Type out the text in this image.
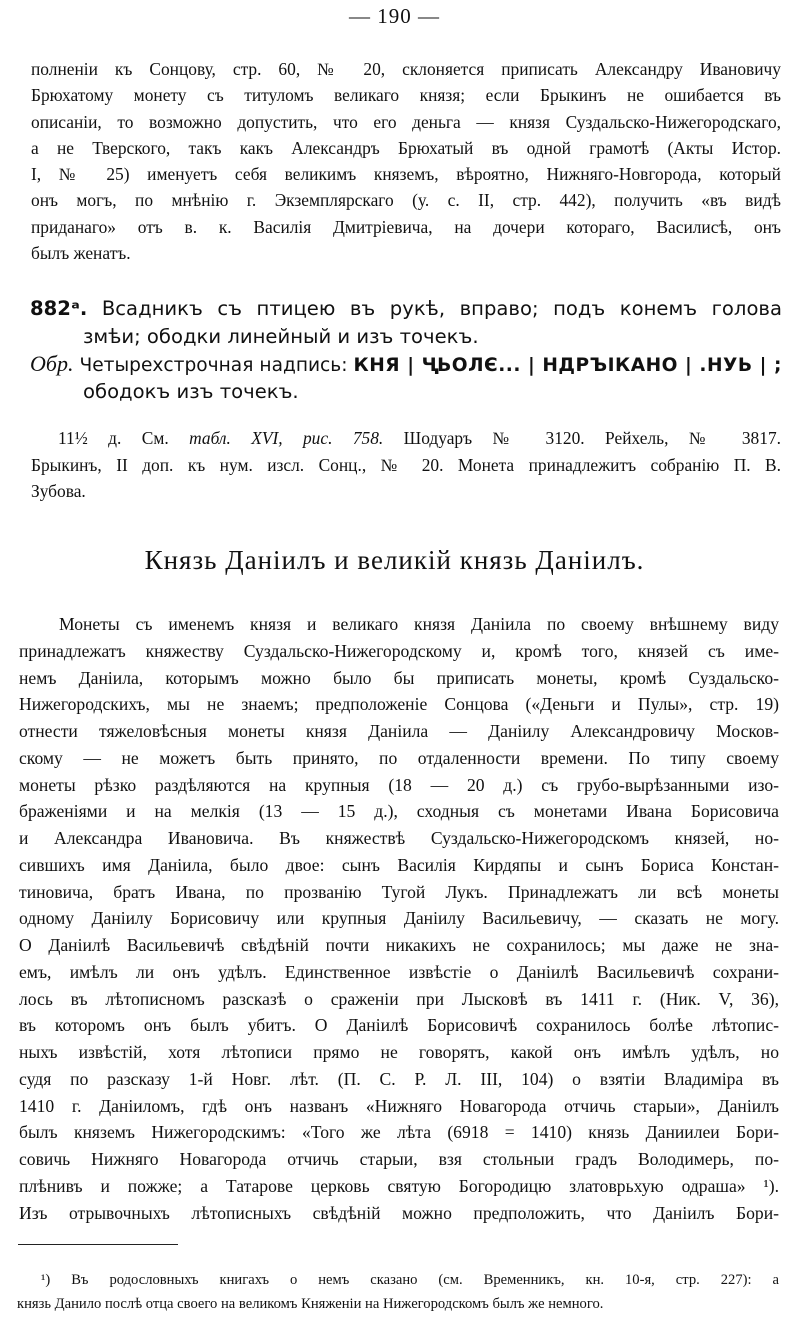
— 190 —
полненіи къ Сонцову, стр. 60, № 20, склоняется приписать Александру Ивановичу
Брюхатому монету съ титуломъ великаго князя; если Брыкинъ не ошибается въ
описаніи, то возможно допустить, что его деньга — князя Суздальско-Нижегородскаго,
а не Тверского, такъ какъ Александръ Брюхатый въ одной грамотѣ (Акты Истор.
I, № 25) именуетъ себя великимъ княземъ, вѣроятно, Нижняго-Новгорода, который
онъ могъ, по мнѣнію г. Экземплярскаго (у. с. II, стр. 442), получить «въ видѣ
приданаго» отъ в. к. Василія Дмитріевича, на дочери котораго, Василисѣ, онъ
былъ женатъ.
882ᵃ. Всадникъ съ птицею въ рукѣ, вправо; подъ конемъ голова
змѣи; ободки линейный и изъ точекъ.
Обр. Четырехстрочная надпись: КНЯ | ҶЬОЛЄ... | НДРЪІКАНО | .НУЬ | ;
ободокъ изъ точекъ.
11½ д. См. табл. XVI, рис. 758. Шодуаръ № 3120. Рейхель, № 3817.
Брыкинъ, II доп. къ нум. изсл. Сонц., № 20. Монета принадлежитъ собранію П. В.
Зубова.
Князь Даніилъ и великій князь Даніилъ.
Монеты съ именемъ князя и великаго князя Даніила по своему внѣшнему виду
принадлежатъ княжеству Суздальско-Нижегородскому и, кромѣ того, князей съ име-
немъ Даніила, которымъ можно было бы приписать монеты, кромѣ Суздальско-
Нижегородскихъ, мы не знаемъ; предположеніе Сонцова («Деньги и Пулы», стр. 19)
отнести тяжеловѣсныя монеты князя Даніила — Даніилу Александровичу Москов-
скому — не можетъ быть принято, по отдаленности времени. По типу своему
монеты рѣзко раздѣляются на крупныя (18 — 20 д.) съ грубо-вырѣзанными изо-
браженіями и на мелкія (13 — 15 д.), сходныя съ монетами Ивана Борисовича
и Александра Ивановича. Въ княжествѣ Суздальско-Нижегородскомъ князей, но-
сившихъ имя Даніила, было двое: сынъ Василія Кирдяпы и сынъ Бориса Констан-
тиновича, братъ Ивана, по прозванію Тугой Лукъ. Принадлежатъ ли всѣ монеты
одному Даніилу Борисовичу или крупныя Даніилу Васильевичу, — сказать не могу.
О Даніилѣ Васильевичѣ свѣдѣній почти никакихъ не сохранилось; мы даже не зна-
емъ, имѣлъ ли онъ удѣлъ. Единственное извѣстіе о Даніилѣ Васильевичѣ сохрани-
лось въ лѣтописномъ разсказѣ о сраженіи при Лысковѣ въ 1411 г. (Ник. V, 36),
въ которомъ онъ былъ убитъ. О Даніилѣ Борисовичѣ сохранилось болѣе лѣтопис-
ныхъ извѣстій, хотя лѣтописи прямо не говорятъ, какой онъ имѣлъ удѣлъ, но
судя по разсказу 1-й Новг. лѣт. (П. С. Р. Л. III, 104) о взятіи Владиміра въ
1410 г. Даніиломъ, гдѣ онъ названъ «Нижняго Новагорода отчичь старыи», Даніилъ
былъ княземъ Нижегородскимъ: «Того же лѣта (6918 = 1410) князь Даниилеи Бори-
совичь Нижняго Новагорода отчичь старыи, взя стольныи градъ Володимерь, по-
плѣнивъ и пожже; а Татарове церковь святую Богородицю златоврьхую одраша» ¹).
Изъ отрывочныхъ лѣтописныхъ свѣдѣній можно предположить, что Даніилъ Бори-
¹) Въ родословныхъ книгахъ о немъ сказано (см. Временникъ, кн. 10-я, стр. 227): а
князь Данило послѣ отца своего на великомъ Княженіи на Нижегородскомъ былъ же немного.
